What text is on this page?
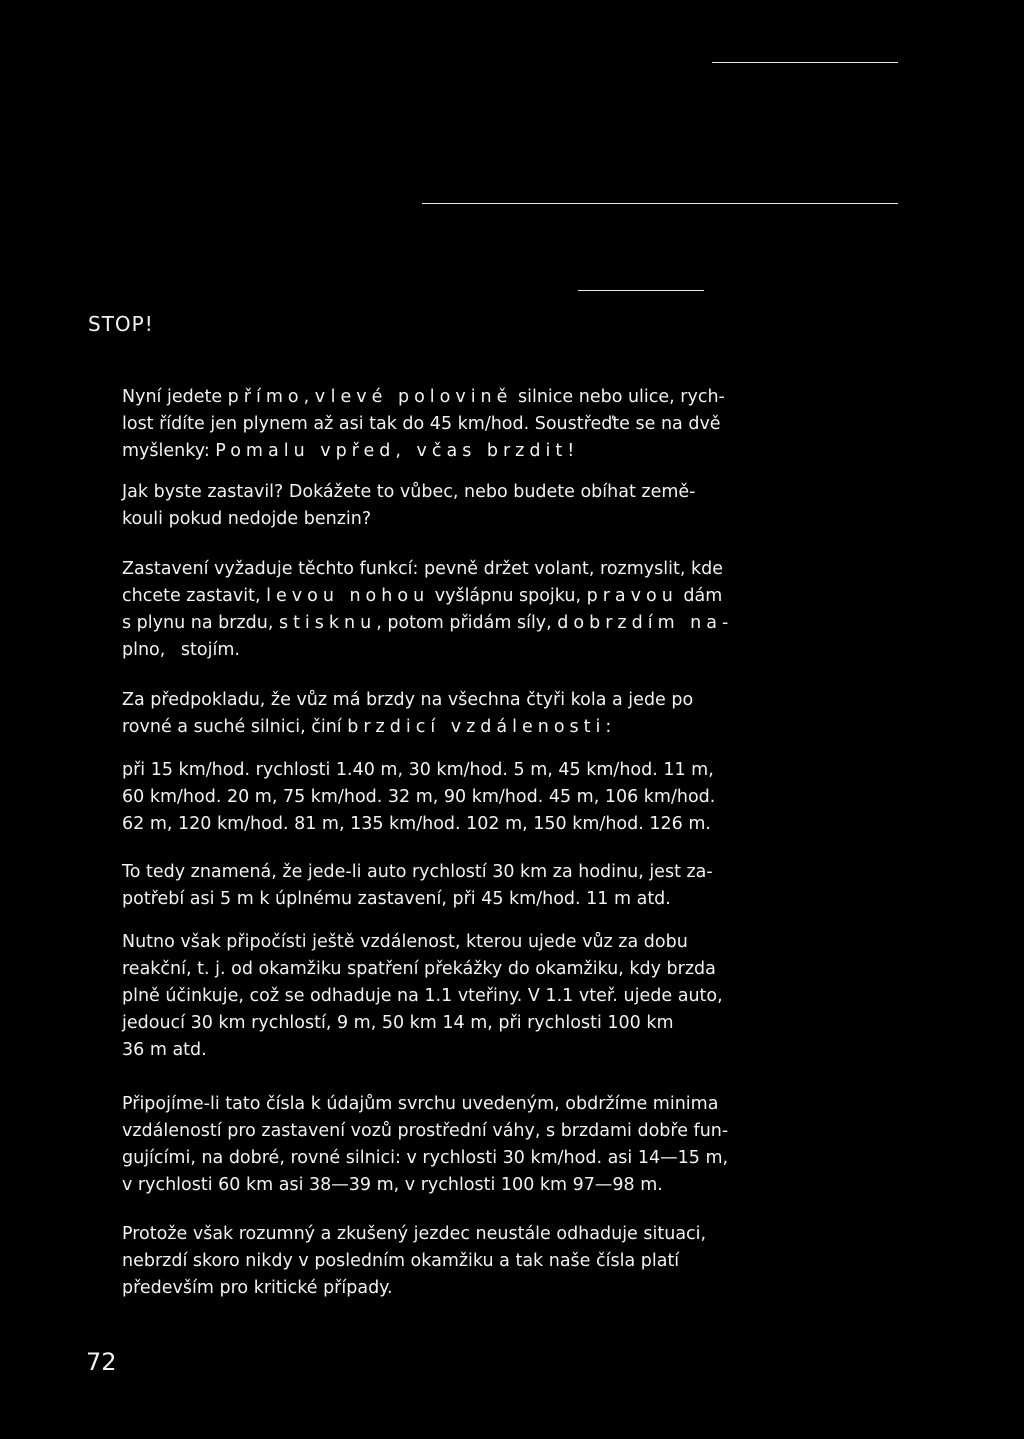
STOP!
Nyní jedete přímo, v levé polovině silnice nebo ulice, rych-
lost řídíte jen plynem až asi tak do 45 km/hod. Soustřeďte se na dvě
myšlenky: Pomalu vpřed, včas brzdit!
Jak byste zastavil? Dokážete to vůbec, nebo budete obíhat země-
kouli pokud nedojde benzin?
Zastavení vyžaduje těchto funkcí: pevně držet volant, rozmyslit, kde
chcete zastavit, levou nohou vyšlápnu spojku, pravou dám
s plynu na brzdu, stisknu, potom přidám síly, dobrzdím na-
plno, stojím.
Za předpokladu, že vůz má brzdy na všechna čtyři kola a jede po
rovné a suché silnici, činí brzdicí vzdálenosti:
při 15 km/hod. rychlosti 1.40 m, 30 km/hod. 5 m, 45 km/hod. 11 m,
60 km/hod. 20 m, 75 km/hod. 32 m, 90 km/hod. 45 m, 106 km/hod.
62 m, 120 km/hod. 81 m, 135 km/hod. 102 m, 150 km/hod. 126 m.
To tedy znamená, že jede-li auto rychlostí 30 km za hodinu, jest za-
potřebí asi 5 m k úplnému zastavení, při 45 km/hod. 11 m atd.
Nutno však připočísti ještě vzdálenost, kterou ujede vůz za dobu
reakční, t. j. od okamžiku spatření překážky do okamžiku, kdy brzda
plně účinkuje, což se odhaduje na 1.1 vteřiny. V 1.1 vteř. ujede auto,
jedoucí 30 km rychlostí, 9 m, 50 km 14 m, při rychlosti 100 km
36 m atd.
Připojíme-li tato čísla k údajům svrchu uvedeným, obdržíme minima
vzdáleností pro zastavení vozů prostřední váhy, s brzdami dobře fun-
gujícími, na dobré, rovné silnici: v rychlosti 30 km/hod. asi 14—15 m,
v rychlosti 60 km asi 38—39 m, v rychlosti 100 km 97—98 m.
Protože však rozumný a zkušený jezdec neustále odhaduje situaci,
nebrzdí skoro nikdy v posledním okamžiku a tak naše čísla platí
především pro kritické případy.
72
